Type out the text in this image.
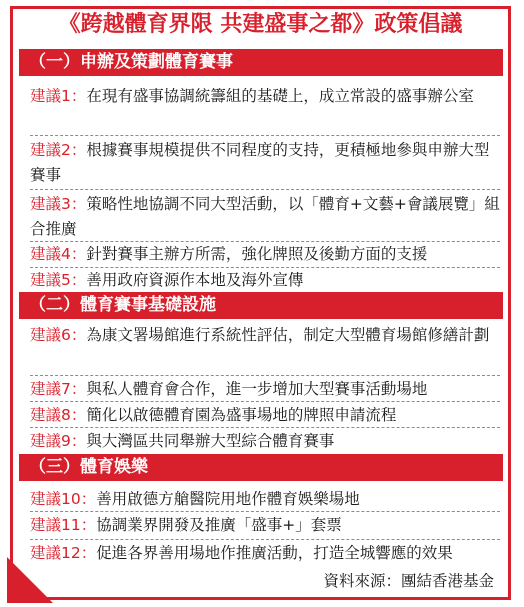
《跨越體育界限 共建盛事之都》政策倡議
（一）申辦及策劃體育賽事
建議1：在現有盛事協調統籌組的基礎上，成立常設的盛事辦公室
建議2：根據賽事規模提供不同程度的支持，更積極地參與申辦大型賽事
建議3：策略性地協調不同大型活動，以「體育+文藝+會議展覽」組合推廣
建議4：針對賽事主辦方所需，強化牌照及後勤方面的支援
建議5：善用政府資源作本地及海外宣傳
（二）體育賽事基礎設施
建議6：為康文署場館進行系統性評估，制定大型體育場館修繕計劃
建議7：與私人體育會合作，進一步增加大型賽事活動場地
建議8：簡化以啟德體育園為盛事場地的牌照申請流程
建議9：與大灣區共同舉辦大型綜合體育賽事
（三）體育娛樂
建議10：善用啟德方艙醫院用地作體育娛樂場地
建議11：協調業界開發及推廣「盛事+」套票
建議12：促進各界善用場地作推廣活動，打造全城響應的效果
資料來源：團結香港基金
